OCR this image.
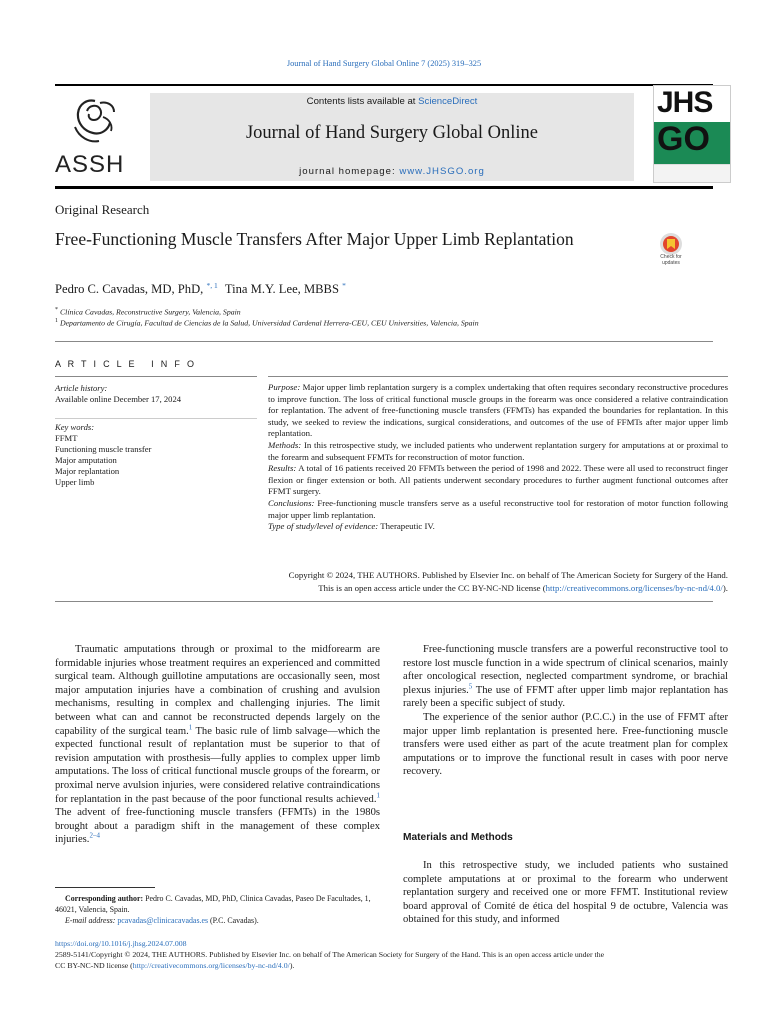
Journal of Hand Surgery Global Online 7 (2025) 319–325
ASSH
Contents lists available at ScienceDirect
Journal of Hand Surgery Global Online
journal homepage: www.JHSGO.org
JHS
GO
Original Research
Free-Functioning Muscle Transfers After Major Upper Limb Replantation
Check for updates
Pedro C. Cavadas, MD, PhD, $^{*, 1}$ Tina M.Y. Lee, MBBS *
* Clínica Cavadas, Reconstructive Surgery, Valencia, Spain
$^1$ Departamento de Cirugía, Facultad de Ciencias de la Salud, Universidad Cardenal Herrera-CEU, CEU Universities, Valencia, Spain
A R T I C L E   I N F O
Article history:
Available online December 17, 2024
Key words:
FFMT
Functioning muscle transfer
Major amputation
Major replantation
Upper limb
Purpose: Major upper limb replantation surgery is a complex undertaking that often requires secondary reconstructive procedures to improve function. The loss of critical functional muscle groups in the forearm was once considered a relative contraindication for replantation. The advent of free-functioning muscle transfers (FFMTs) has expanded the boundaries for replantation. In this study, we seeked to review the indications, surgical considerations, and outcomes of the use of FFMTs after major upper limb replantation.
Methods: In this retrospective study, we included patients who underwent replantation surgery for amputations at or proximal to the forearm and subsequent FFMTs for reconstruction of motor function.
Results: A total of 16 patients received 20 FFMTs between the period of 1998 and 2022. These were all used to reconstruct finger flexion or finger extension or both. All patients underwent secondary procedures to further augment functional outcomes after FFMT surgery.
Conclusions: Free-functioning muscle transfers serve as a useful reconstructive tool for restoration of motor function following major upper limb replantation.
Type of study/level of evidence: Therapeutic IV.
Copyright © 2024, THE AUTHORS. Published by Elsevier Inc. on behalf of The American Society for Surgery of the Hand.
This is an open access article under the CC BY-NC-ND license (http://creativecommons.org/licenses/by-nc-nd/4.0/).

Traumatic amputations through or proximal to the midforearm are formidable injuries whose treatment requires an experienced and committed surgical team. Although guillotine amputations are occasionally seen, most major amputation injuries have a combination of crushing and avulsion mechanisms, resulting in complex and challenging injuries. The limit between what can and cannot be reconstructed depends largely on the capability of the surgical team.$^1$ The basic rule of limb salvage—which the expected functional result of replantation must be superior to that of revision amputation with prosthesis—fully applies to complex upper limb amputations. The loss of critical functional muscle groups of the forearm, or proximal nerve avulsion injuries, were considered relative contraindications for replantation in the past because of the poor functional results achieved.$^1$ The advent of free-functioning muscle transfers (FFMTs) in the 1980s brought about a paradigm shift in the management of these complex injuries.$^{2-4}$

Free-functioning muscle transfers are a powerful reconstructive tool to restore lost muscle function in a wide spectrum of clinical scenarios, mainly after oncological resection, neglected compartment syndrome, or brachial plexus injuries.$^5$ The use of FFMT after upper limb major replantation has rarely been a specific subject of study.

The experience of the senior author (P.C.C.) in the use of FFMT after major upper limb replantation is presented here. Free-functioning muscle transfers were used either as part of the acute treatment plan for complex amputations or to improve the functional result in cases with poor nerve recovery.

Materials and Methods

In this retrospective study, we included patients who sustained complete amputations at or proximal to the forearm who underwent replantation surgery and received one or more FFMT. Institutional review board approval of Comité de ética del hospital 9 de octubre, Valencia was obtained for this study, and informed

Corresponding author: Pedro C. Cavadas, MD, PhD, Clinica Cavadas, Paseo De Facultades, 1, 46021, Valencia, Spain.
E-mail address: pcavadas@clinicacavadas.es (P.C. Cavadas).
https://doi.org/10.1016/j.jhsg.2024.07.008
2589-5141/Copyright © 2024, THE AUTHORS. Published by Elsevier Inc. on behalf of The American Society for Surgery of the Hand. This is an open access article under the
CC BY-NC-ND license (http://creativecommons.org/licenses/by-nc-nd/4.0/).
